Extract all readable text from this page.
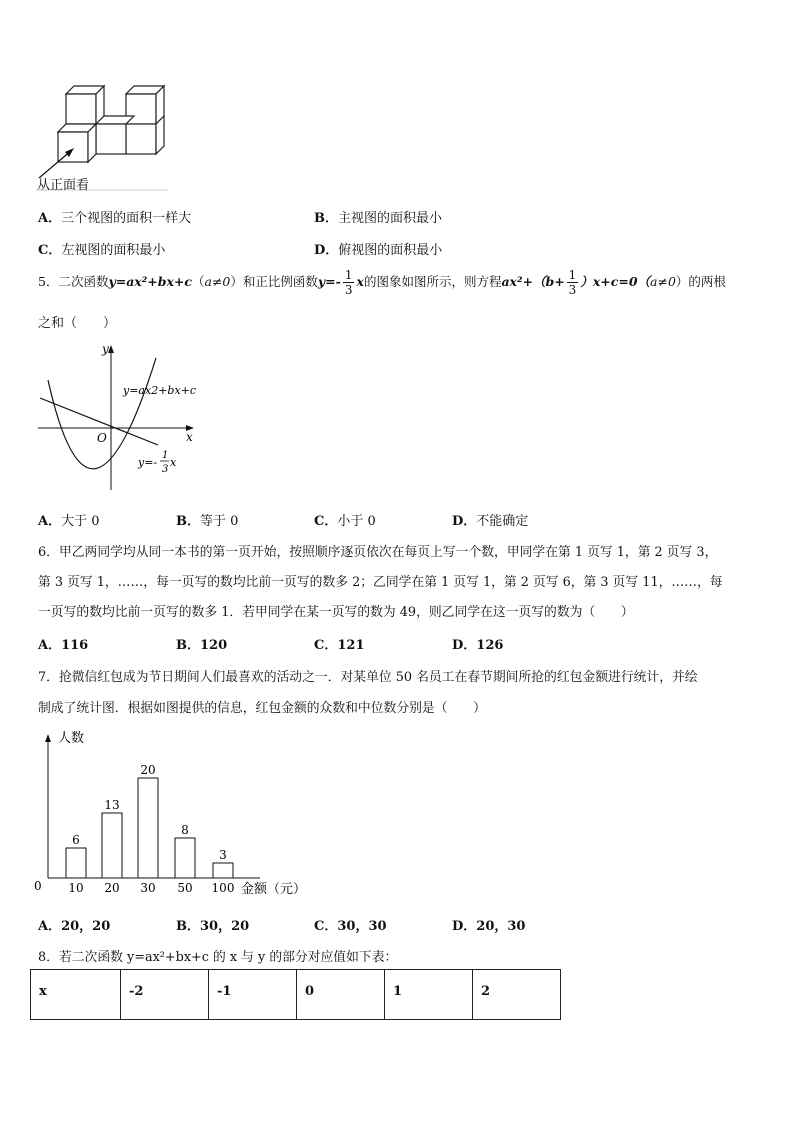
从正面看
A．三个视图的面积一样大	B．主视图的面积最小
C．左视图的面积最小	D．俯视图的面积最小
5．二次函数y=ax²+bx+c（a≠0）和正比例函数$y=- \frac{1}{3}$ x的图象如图所示，则方程$ax^2+(b+ \frac{1}{3} )x+c=0(a\ne 0)$的两根
之和（　　）
y
x
O
y=ax2+bx+c
y=-
1
3
x
A．大于 0	B．等于 0	C．小于 0	D．不能确定
6．甲乙两同学均从同一本书的第一页开始，按照顺序逐页依次在每页上写一个数，甲同学在第 1 页写 1，第 2 页写 3，
第 3 页写 1，……，每一页写的数均比前一页写的数多 2；乙同学在第 1 页写 1，第 2 页写 6，第 3 页写 11，……，每
一页写的数均比前一页写的数多 1．若甲同学在某一页写的数为 49，则乙同学在这一页写的数为（　　）
A．116	B．120	C．121	D．126
7．抢微信红包成为节日期间人们最喜欢的活动之一．对某单位 50 名员工在春节期间所抢的红包金额进行统计，并绘
制成了统计图．根据如图提供的信息，红包金额的众数和中位数分别是（　　）
人数
0	金额（元）
6
10
13
20
20
30
8
50
3
100
A．20，20	B．30，20	C．30，30	D．20，30
8．若二次函数 y=ax²+bx+c 的 x 与 y 的部分对应值如下表：
x	-2	-1	0	1	2
